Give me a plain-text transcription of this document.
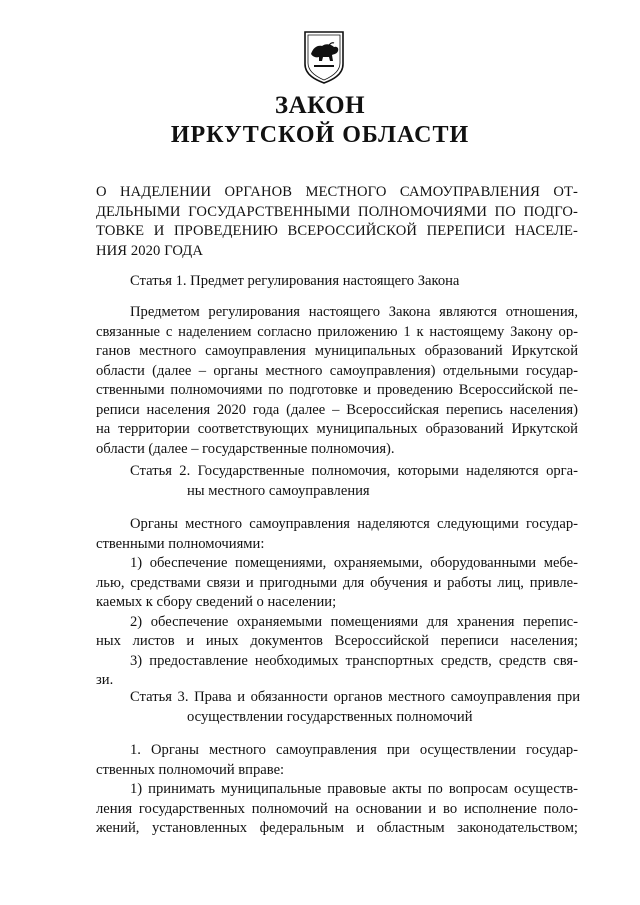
ЗАКОН
ИРКУТСКОЙ ОБЛАСТИ
О НАДЕЛЕНИИ ОРГАНОВ МЕСТНОГО САМОУПРАВЛЕНИЯ ОТ-
ДЕЛЬНЫМИ ГОСУДАРСТВЕННЫМИ ПОЛНОМОЧИЯМИ ПО ПОДГО-
ТОВКЕ И ПРОВЕДЕНИЮ ВСЕРОССИЙСКОЙ ПЕРЕПИСИ НАСЕЛЕ-
НИЯ 2020 ГОДА
Статья 1. Предмет регулирования настоящего Закона
Предметом регулирования настоящего Закона являются отношения,
связанные с наделением согласно приложению 1 к настоящему Закону ор-
ганов местного самоуправления муниципальных образований Иркутской
области (далее – органы местного самоуправления) отдельными государ-
ственными полномочиями по подготовке и проведению Всероссийской пе-
реписи населения 2020 года (далее – Всероссийская перепись населения)
на территории соответствующих муниципальных образований Иркутской
области (далее – государственные полномочия).
Статья 2. Государственные полномочия, которыми наделяются орга-
ны местного самоуправления
Органы местного самоуправления наделяются следующими государ-
ственными полномочиями:
1) обеспечение помещениями, охраняемыми, оборудованными мебе-
лью, средствами связи и пригодными для обучения и работы лиц, привле-
каемых к сбору сведений о населении;
2) обеспечение охраняемыми помещениями для хранения перепис-
ных листов и иных документов Всероссийской переписи населения;
3) предоставление необходимых транспортных средств, средств свя-
зи.
Статья 3. Права и обязанности органов местного самоуправления при
осуществлении государственных полномочий
1. Органы местного самоуправления при осуществлении государ-
ственных полномочий вправе:
1) принимать муниципальные правовые акты по вопросам осуществ-
ления государственных полномочий на основании и во исполнение поло-
жений, установленных федеральным и областным законодательством;
